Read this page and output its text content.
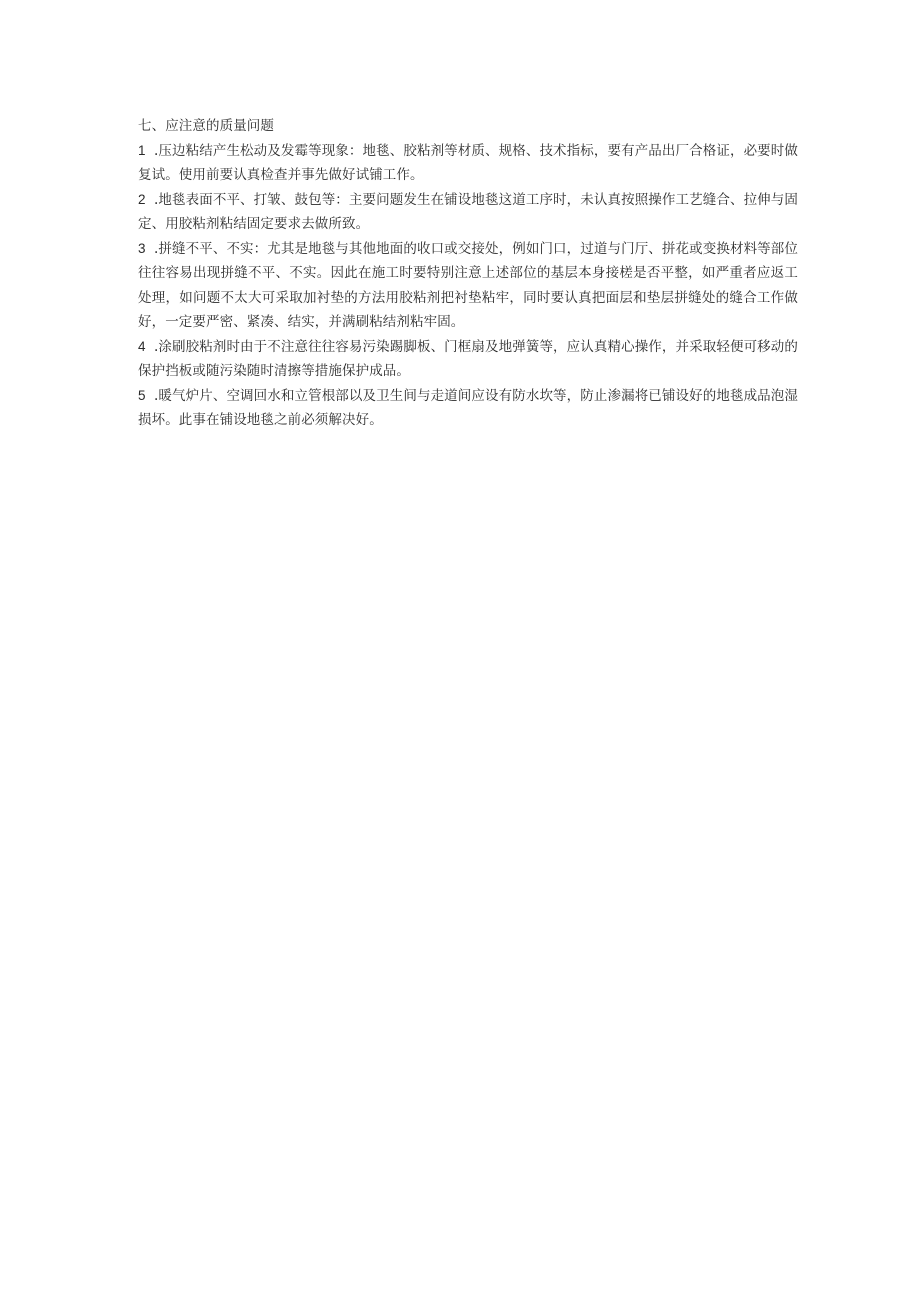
七、应注意的质量问题

1 .压边粘结产生松动及发霉等现象：地毯、胶粘剂等材质、规格、技术指标，要有产品出厂合格证，必要时做复试。使用前要认真检查并事先做好试铺工作。

2 .地毯表面不平、打皱、鼓包等：主要问题发生在铺设地毯这道工序时，未认真按照操作工艺缝合、拉伸与固定、用胶粘剂粘结固定要求去做所致。

3 .拼缝不平、不实：尤其是地毯与其他地面的收口或交接处，例如门口，过道与门厅、拼花或变换材料等部位往往容易出现拼缝不平、不实。因此在施工时要特别注意上述部位的基层本身接槎是否平整，如严重者应返工处理，如问题不太大可采取加衬垫的方法用胶粘剂把衬垫粘牢，同时要认真把面层和垫层拼缝处的缝合工作做好，一定要严密、紧凑、结实，并满刷粘结剂粘牢固。

4 .涂刷胶粘剂时由于不注意往往容易污染踢脚板、门框扇及地弹簧等，应认真精心操作，并采取轻便可移动的保护挡板或随污染随时清擦等措施保护成品。

5 .暖气炉片、空调回水和立管根部以及卫生间与走道间应设有防水坎等，防止渗漏将已铺设好的地毯成品泡湿损坏。此事在铺设地毯之前必须解决好。
